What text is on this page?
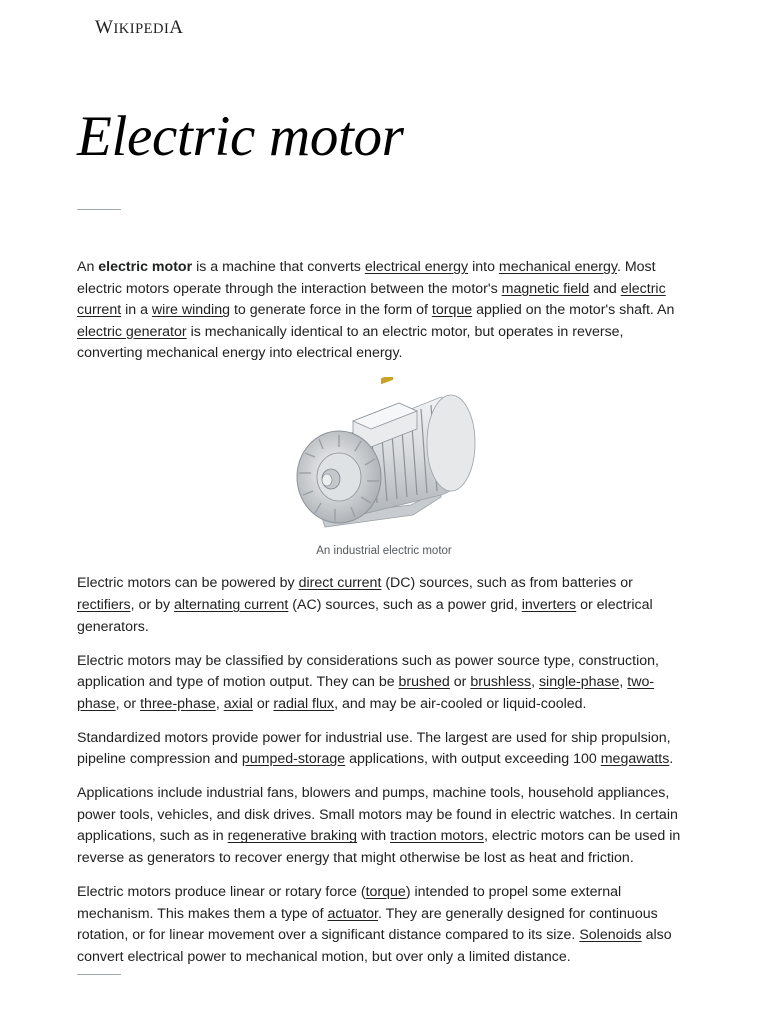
WIKIPEDIA
Electric motor

An electric motor is a machine that converts electrical energy into mechanical energy. Most electric motors operate through the interaction between the motor's magnetic field and electric current in a wire winding to generate force in the form of torque applied on the motor's shaft. An electric generator is mechanically identical to an electric motor, but operates in reverse, converting mechanical energy into electrical energy.

An industrial electric motor

Electric motors can be powered by direct current (DC) sources, such as from batteries or rectifiers, or by alternating current (AC) sources, such as a power grid, inverters or electrical generators.

Electric motors may be classified by considerations such as power source type, construction, application and type of motion output. They can be brushed or brushless, single-phase, two-phase, or three-phase, axial or radial flux, and may be air-cooled or liquid-cooled.

Standardized motors provide power for industrial use. The largest are used for ship propulsion, pipeline compression and pumped-storage applications, with output exceeding 100 megawatts.

Applications include industrial fans, blowers and pumps, machine tools, household appliances, power tools, vehicles, and disk drives. Small motors may be found in electric watches. In certain applications, such as in regenerative braking with traction motors, electric motors can be used in reverse as generators to recover energy that might otherwise be lost as heat and friction.

Electric motors produce linear or rotary force (torque) intended to propel some external mechanism. This makes them a type of actuator. They are generally designed for continuous rotation, or for linear movement over a significant distance compared to its size. Solenoids also convert electrical power to mechanical motion, but over only a limited distance.
